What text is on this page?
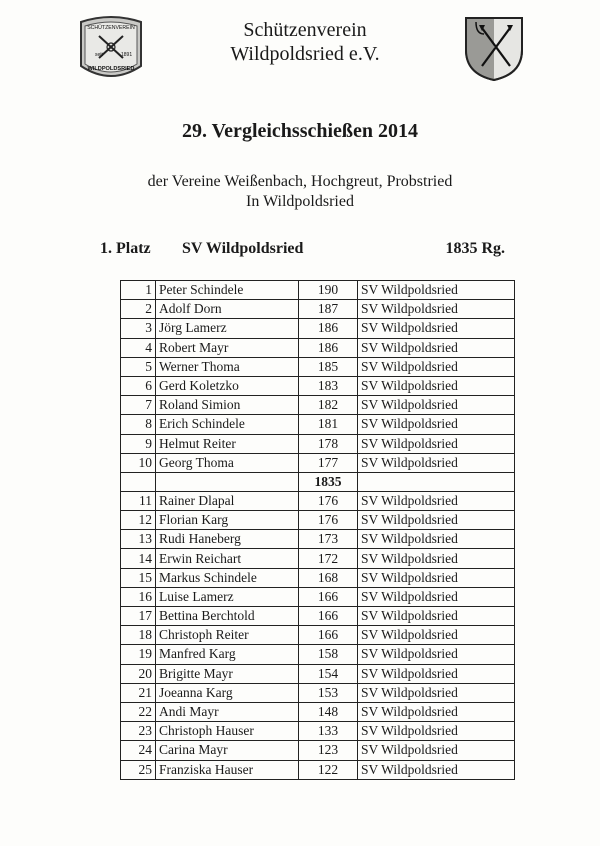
SCHÜTZENVEREIN
seit	1891
WILDPOLDSRIED
Schützenverein
Wildpoldsried e.V.
29. Vergleichsschießen 2014
der Vereine Weißenbach, Hochgreut, Probstried
In Wildpoldsried
1. Platz SV Wildpoldsried	1835 Rg.
1	Peter Schindele	190	SV Wildpoldsried
2	Adolf Dorn	187	SV Wildpoldsried
3	Jörg Lamerz	186	SV Wildpoldsried
4	Robert Mayr	186	SV Wildpoldsried
5	Werner Thoma	185	SV Wildpoldsried
6	Gerd Koletzko	183	SV Wildpoldsried
7	Roland Simion	182	SV Wildpoldsried
8	Erich Schindele	181	SV Wildpoldsried
9	Helmut Reiter	178	SV Wildpoldsried
10	Georg Thoma	177	SV Wildpoldsried
		1835	
11	Rainer Dlapal	176	SV Wildpoldsried
12	Florian Karg	176	SV Wildpoldsried
13	Rudi Haneberg	173	SV Wildpoldsried
14	Erwin Reichart	172	SV Wildpoldsried
15	Markus Schindele	168	SV Wildpoldsried
16	Luise Lamerz	166	SV Wildpoldsried
17	Bettina Berchtold	166	SV Wildpoldsried
18	Christoph Reiter	166	SV Wildpoldsried
19	Manfred Karg	158	SV Wildpoldsried
20	Brigitte Mayr	154	SV Wildpoldsried
21	Joeanna Karg	153	SV Wildpoldsried
22	Andi Mayr	148	SV Wildpoldsried
23	Christoph Hauser	133	SV Wildpoldsried
24	Carina Mayr	123	SV Wildpoldsried
25	Franziska Hauser	122	SV Wildpoldsried
